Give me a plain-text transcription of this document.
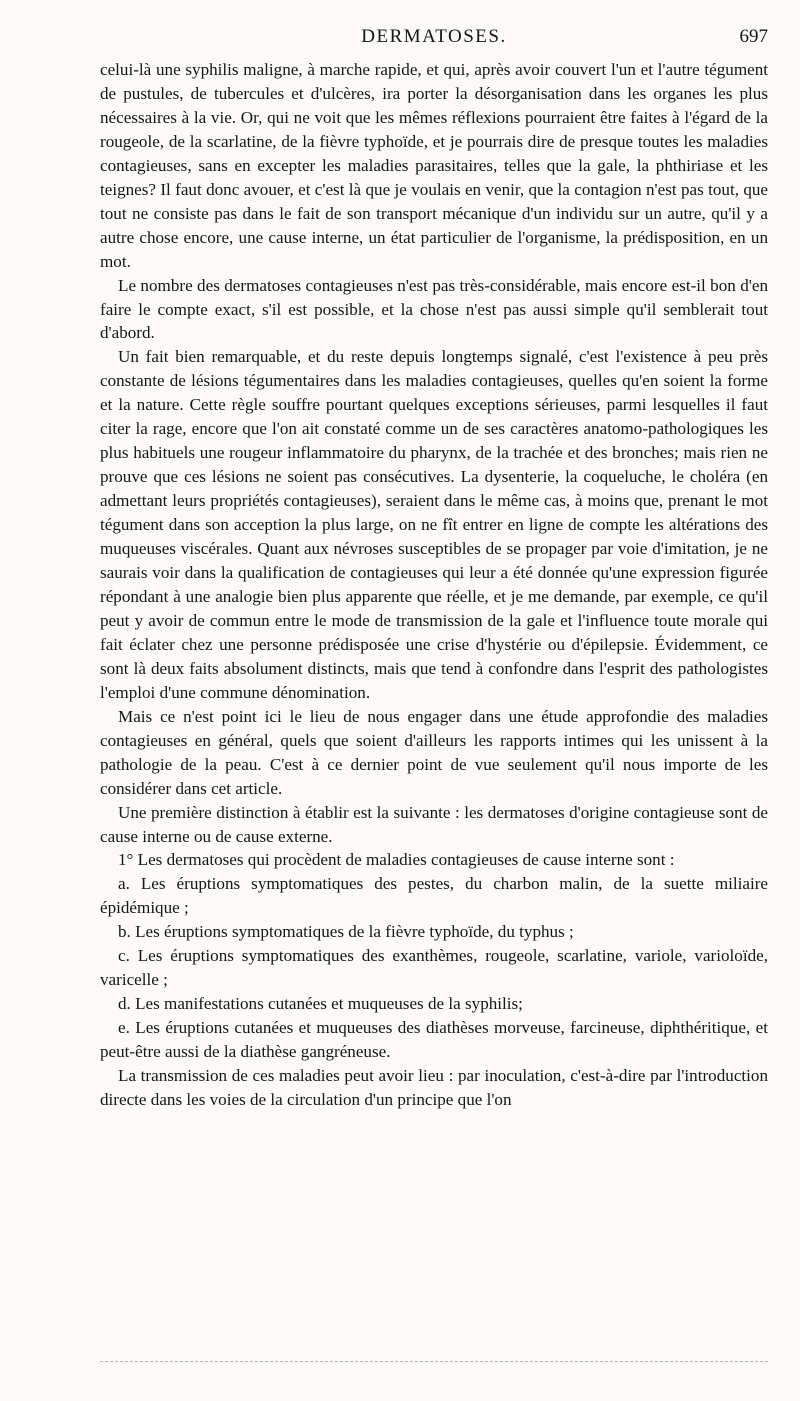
DERMATOSES.	697

celui-là une syphilis maligne, à marche rapide, et qui, après avoir couvert l'un et l'autre tégument de pustules, de tubercules et d'ulcères, ira porter la désorganisation dans les organes les plus nécessaires à la vie. Or, qui ne voit que les mêmes réflexions pourraient être faites à l'égard de la rougeole, de la scarlatine, de la fièvre typhoïde, et je pourrais dire de presque toutes les maladies contagieuses, sans en excepter les maladies parasitaires, telles que la gale, la phthiriase et les teignes? Il faut donc avouer, et c'est là que je voulais en venir, que la contagion n'est pas tout, que tout ne consiste pas dans le fait de son transport mécanique d'un individu sur un autre, qu'il y a autre chose encore, une cause interne, un état particulier de l'organisme, la prédisposition, en un mot.

Le nombre des dermatoses contagieuses n'est pas très-considérable, mais encore est-il bon d'en faire le compte exact, s'il est possible, et la chose n'est pas aussi simple qu'il semblerait tout d'abord.

Un fait bien remarquable, et du reste depuis longtemps signalé, c'est l'existence à peu près constante de lésions tégumentaires dans les maladies contagieuses, quelles qu'en soient la forme et la nature. Cette règle souffre pourtant quelques exceptions sérieuses, parmi lesquelles il faut citer la rage, encore que l'on ait constaté comme un de ses caractères anatomo-pathologiques les plus habituels une rougeur inflammatoire du pharynx, de la trachée et des bronches; mais rien ne prouve que ces lésions ne soient pas consécutives. La dysenterie, la coqueluche, le choléra (en admettant leurs propriétés contagieuses), seraient dans le même cas, à moins que, prenant le mot tégument dans son acception la plus large, on ne fît entrer en ligne de compte les altérations des muqueuses viscérales. Quant aux névroses susceptibles de se propager par voie d'imitation, je ne saurais voir dans la qualification de contagieuses qui leur a été donnée qu'une expression figurée répondant à une analogie bien plus apparente que réelle, et je me demande, par exemple, ce qu'il peut y avoir de commun entre le mode de transmission de la gale et l'influence toute morale qui fait éclater chez une personne prédisposée une crise d'hystérie ou d'épilepsie. Évidemment, ce sont là deux faits absolument distincts, mais que tend à confondre dans l'esprit des pathologistes l'emploi d'une commune dénomination.

Mais ce n'est point ici le lieu de nous engager dans une étude approfondie des maladies contagieuses en général, quels que soient d'ailleurs les rapports intimes qui les unissent à la pathologie de la peau. C'est à ce dernier point de vue seulement qu'il nous importe de les considérer dans cet article.

Une première distinction à établir est la suivante : les dermatoses d'origine contagieuse sont de cause interne ou de cause externe.

1° Les dermatoses qui procèdent de maladies contagieuses de cause interne sont :

a. Les éruptions symptomatiques des pestes, du charbon malin, de la suette miliaire épidémique ;

b. Les éruptions symptomatiques de la fièvre typhoïde, du typhus ;

c. Les éruptions symptomatiques des exanthèmes, rougeole, scarlatine, variole, varioloïde, varicelle ;

d. Les manifestations cutanées et muqueuses de la syphilis;

e. Les éruptions cutanées et muqueuses des diathèses morveuse, farcineuse, diphthéritique, et peut-être aussi de la diathèse gangréneuse.

La transmission de ces maladies peut avoir lieu : par inoculation, c'est-à-dire par l'introduction directe dans les voies de la circulation d'un principe que l'on
